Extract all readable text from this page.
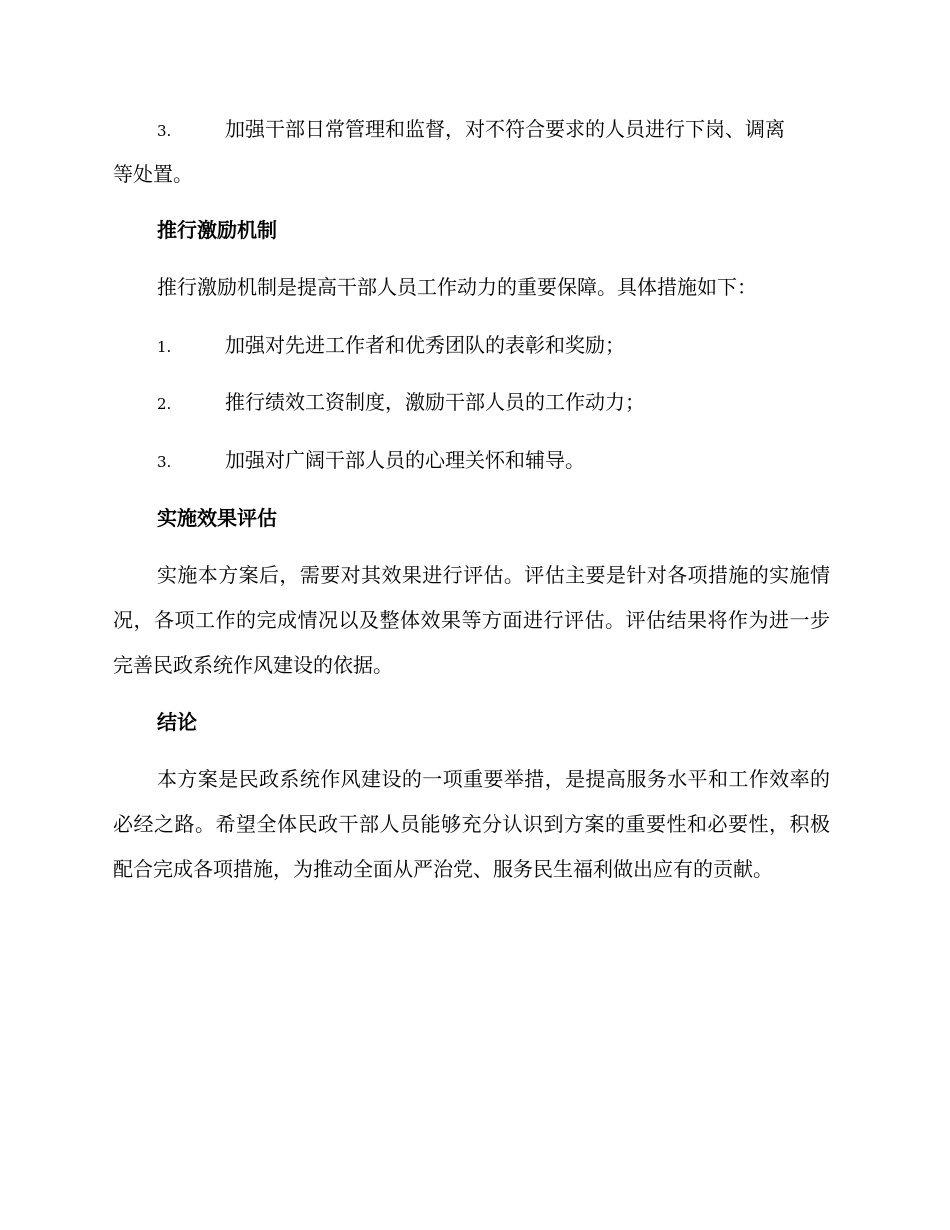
3.	加强干部日常管理和监督，对不符合要求的人员进行下岗、调离
等处置。
推行激励机制
推行激励机制是提高干部人员工作动力的重要保障。具体措施如下：
1.	加强对先进工作者和优秀团队的表彰和奖励；
2.	推行绩效工资制度，激励干部人员的工作动力；
3.	加强对广阔干部人员的心理关怀和辅导。
实施效果评估
实施本方案后，需要对其效果进行评估。评估主要是针对各项措施的实施情况，各项工作的完成情况以及整体效果等方面进行评估。评估结果将作为进一步完善民政系统作风建设的依据。
结论
本方案是民政系统作风建设的一项重要举措，是提高服务水平和工作效率的必经之路。希望全体民政干部人员能够充分认识到方案的重要性和必要性，积极配合完成各项措施，为推动全面从严治党、服务民生福利做出应有的贡献。
